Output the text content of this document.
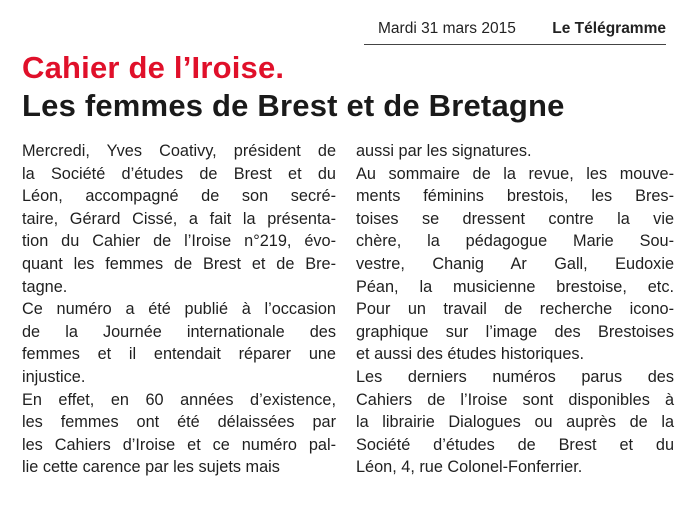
Mardi 31 mars 2015 Le Télégramme
Cahier de l’Iroise.
Les femmes de Brest et de Bretagne
Mercredi, Yves Coativy, président de
la Société d’études de Brest et du
Léon, accompagné de son secré-
taire, Gérard Cissé, a fait la présenta-
tion du Cahier de l’Iroise n°219, évo-
quant les femmes de Brest et de Bre-
tagne.
Ce numéro a été publié à l’occasion
de la Journée internationale des
femmes et il entendait réparer une
injustice.
En effet, en 60 années d’existence,
les femmes ont été délaissées par
les Cahiers d’Iroise et ce numéro pal-
lie cette carence par les sujets mais
aussi par les signatures.
Au sommaire de la revue, les mouve-
ments féminins brestois, les Bres-
toises se dressent contre la vie
chère, la pédagogue Marie Sou-
vestre, Chanig Ar Gall, Eudoxie
Péan, la musicienne brestoise, etc.
Pour un travail de recherche icono-
graphique sur l’image des Brestoises
et aussi des études historiques.
Les derniers numéros parus des
Cahiers de l’Iroise sont disponibles à
la librairie Dialogues ou auprès de la
Société d’études de Brest et du
Léon, 4, rue Colonel-Fonferrier.
